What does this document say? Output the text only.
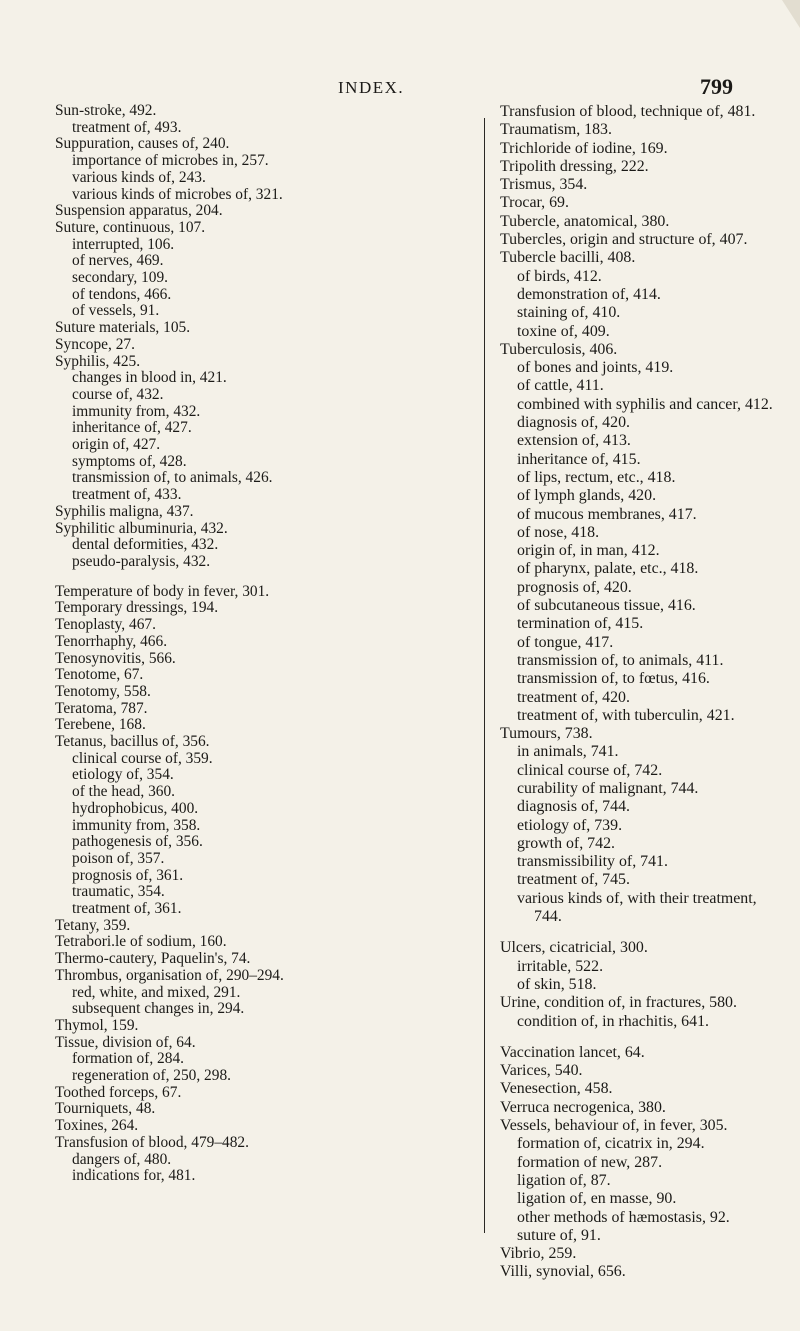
INDEX.	799
Sun-stroke, 492.
treatment of, 493.
Suppuration, causes of, 240.
importance of microbes in, 257.
various kinds of, 243.
various kinds of microbes of, 321.
Suspension apparatus, 204.
Suture, continuous, 107.
interrupted, 106.
of nerves, 469.
secondary, 109.
of tendons, 466.
of vessels, 91.
Suture materials, 105.
Syncope, 27.
Syphilis, 425.
changes in blood in, 421.
course of, 432.
immunity from, 432.
inheritance of, 427.
origin of, 427.
symptoms of, 428.
transmission of, to animals, 426.
treatment of, 433.
Syphilis maligna, 437.
Syphilitic albuminuria, 432.
dental deformities, 432.
pseudo-paralysis, 432.
Temperature of body in fever, 301.
Temporary dressings, 194.
Tenoplasty, 467.
Tenorrhaphy, 466.
Tenosynovitis, 566.
Tenotome, 67.
Tenotomy, 558.
Teratoma, 787.
Terebene, 168.
Tetanus, bacillus of, 356.
clinical course of, 359.
etiology of, 354.
of the head, 360.
hydrophobicus, 400.
immunity from, 358.
pathogenesis of, 356.
poison of, 357.
prognosis of, 361.
traumatic, 354.
treatment of, 361.
Tetany, 359.
Tetrabori.le of sodium, 160.
Thermo-cautery, Paquelin's, 74.
Thrombus, organisation of, 290–294.
red, white, and mixed, 291.
subsequent changes in, 294.
Thymol, 159.
Tissue, division of, 64.
formation of, 284.
regeneration of, 250, 298.
Toothed forceps, 67.
Tourniquets, 48.
Toxines, 264.
Transfusion of blood, 479–482.
dangers of, 480.
indications for, 481.
Transfusion of blood, technique of, 481.
Traumatism, 183.
Trichloride of iodine, 169.
Tripolith dressing, 222.
Trismus, 354.
Trocar, 69.
Tubercle, anatomical, 380.
Tubercles, origin and structure of, 407.
Tubercle bacilli, 408.
of birds, 412.
demonstration of, 414.
staining of, 410.
toxine of, 409.
Tuberculosis, 406.
of bones and joints, 419.
of cattle, 411.
combined with syphilis and cancer, 412.
diagnosis of, 420.
extension of, 413.
inheritance of, 415.
of lips, rectum, etc., 418.
of lymph glands, 420.
of mucous membranes, 417.
of nose, 418.
origin of, in man, 412.
of pharynx, palate, etc., 418.
prognosis of, 420.
of subcutaneous tissue, 416.
termination of, 415.
of tongue, 417.
transmission of, to animals, 411.
transmission of, to fœtus, 416.
treatment of, 420.
treatment of, with tuberculin, 421.
Tumours, 738.
in animals, 741.
clinical course of, 742.
curability of malignant, 744.
diagnosis of, 744.
etiology of, 739.
growth of, 742.
transmissibility of, 741.
treatment of, 745.
various kinds of, with their treatment,
744.
Ulcers, cicatricial, 300.
irritable, 522.
of skin, 518.
Urine, condition of, in fractures, 580.
condition of, in rhachitis, 641.
Vaccination lancet, 64.
Varices, 540.
Venesection, 458.
Verruca necrogenica, 380.
Vessels, behaviour of, in fever, 305.
formation of, cicatrix in, 294.
formation of new, 287.
ligation of, 87.
ligation of, en masse, 90.
other methods of hæmostasis, 92.
suture of, 91.
Vibrio, 259.
Villi, synovial, 656.
